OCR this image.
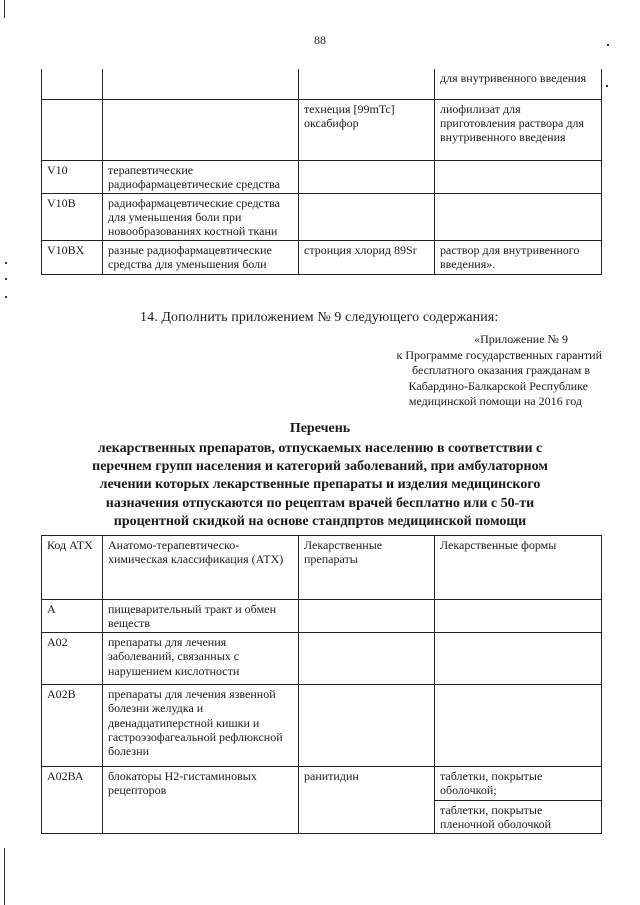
88
			для внутривенного введения
		технеция [99mTc] оксабифор	лиофилизат для приготовления раствора для внутривенного введения
V10	терапевтические радиофармацевтические средства		
V10B	радиофармацевтические средства для уменьшения боли при новообразованиях костной ткани		
V10BX	разные радиофармацевтические средства для уменьшения боли	стронция хлорид 89Sr	раствор для внутривенного введения».
14. Дополнить приложением № 9 следующего содержания:
«Приложение № 9
к Программе государственных гарантий
бесплатного оказания гражданам в
Кабардино-Балкарской Республике
медицинской помощи на 2016 год
Перечень
лекарственных препаратов, отпускаемых населению в соответствии с перечнем групп населения и категорий заболеваний, при амбулаторном лечении которых лекарственные препараты и изделия медицинского назначения отпускаются по рецептам врачей бесплатно или с 50-ти процентной скидкой на основе стандпртов медицинской помощи
Код АТХ	Анатомо-терапевтическо-химическая классификация (АТХ)	Лекарственные препараты	Лекарственные формы
А	пищеварительный тракт и обмен веществ		
А02	препараты для лечения заболеваний, связанных с нарушением кислотности		
А02В	препараты для лечения язвенной болезни желудка и двенадцатиперстной кишки и гастроэзофагеальной рефлюксной болезни		
А02ВА	блокаторы Н2-гистаминовых рецепторов	ранитидин	таблетки, покрытые оболочкой;
			таблетки, покрытые пленочной оболочкой
